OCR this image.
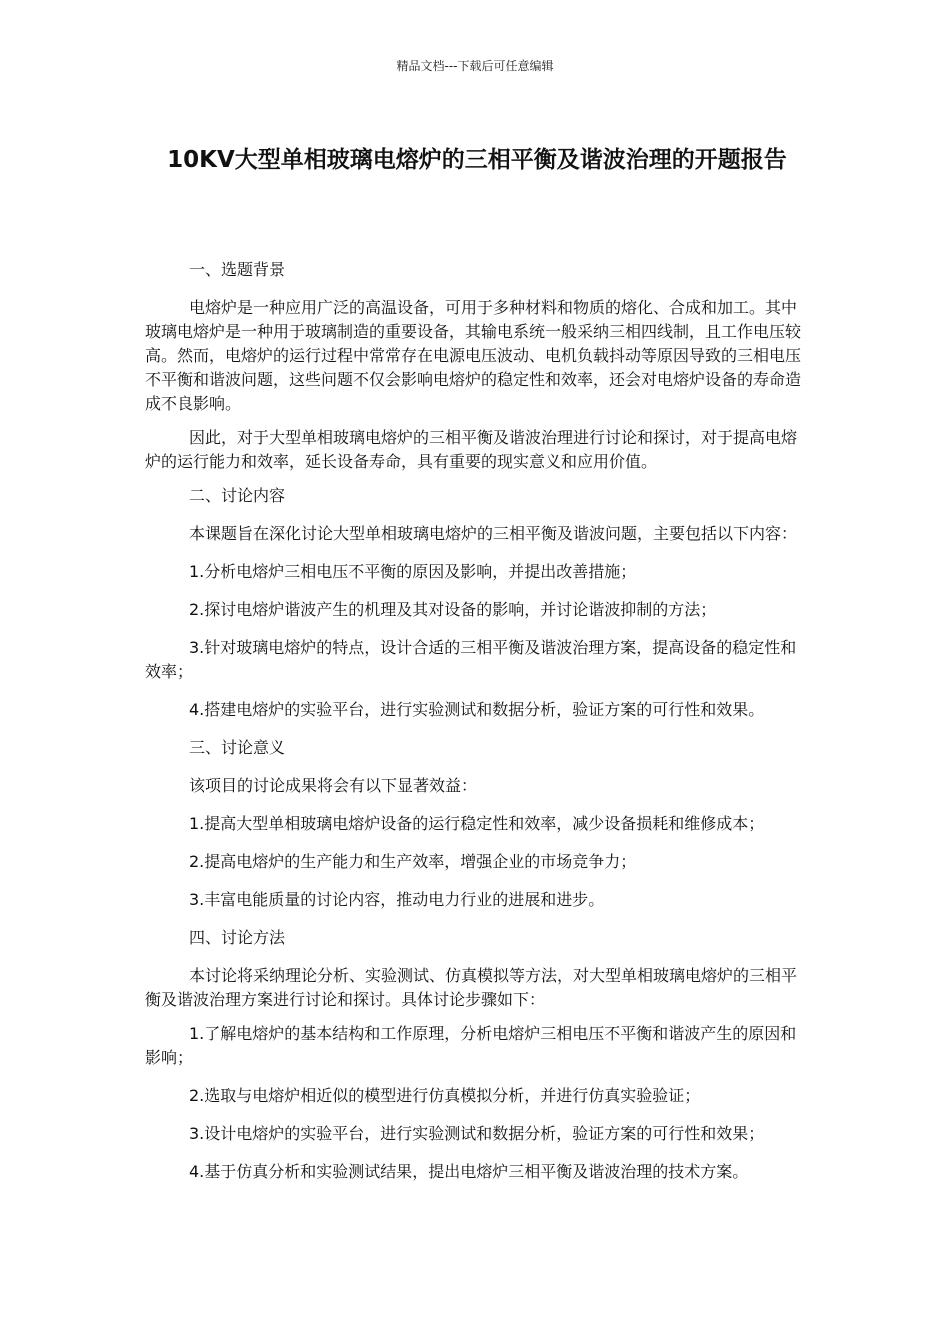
精品文档---下载后可任意编辑
10KV大型单相玻璃电熔炉的三相平衡及谐波治理的开题报告

一、选题背景

电熔炉是一种应用广泛的高温设备，可用于多种材料和物质的熔化、合成和加工。其中玻璃电熔炉是一种用于玻璃制造的重要设备，其输电系统一般采纳三相四线制，且工作电压较高。然而，电熔炉的运行过程中常常存在电源电压波动、电机负载抖动等原因导致的三相电压不平衡和谐波问题，这些问题不仅会影响电熔炉的稳定性和效率，还会对电熔炉设备的寿命造成不良影响。

因此，对于大型单相玻璃电熔炉的三相平衡及谐波治理进行讨论和探讨，对于提高电熔炉的运行能力和效率，延长设备寿命，具有重要的现实意义和应用价值。

二、讨论内容

本课题旨在深化讨论大型单相玻璃电熔炉的三相平衡及谐波问题，主要包括以下内容：

1.分析电熔炉三相电压不平衡的原因及影响，并提出改善措施；

2.探讨电熔炉谐波产生的机理及其对设备的影响，并讨论谐波抑制的方法；

3.针对玻璃电熔炉的特点，设计合适的三相平衡及谐波治理方案，提高设备的稳定性和效率；

4.搭建电熔炉的实验平台，进行实验测试和数据分析，验证方案的可行性和效果。

三、讨论意义

该项目的讨论成果将会有以下显著效益：

1.提高大型单相玻璃电熔炉设备的运行稳定性和效率，减少设备损耗和维修成本；

2.提高电熔炉的生产能力和生产效率，增强企业的市场竞争力；

3.丰富电能质量的讨论内容，推动电力行业的进展和进步。

四、讨论方法

本讨论将采纳理论分析、实验测试、仿真模拟等方法，对大型单相玻璃电熔炉的三相平衡及谐波治理方案进行讨论和探讨。具体讨论步骤如下：

1.了解电熔炉的基本结构和工作原理，分析电熔炉三相电压不平衡和谐波产生的原因和影响；

2.选取与电熔炉相近似的模型进行仿真模拟分析，并进行仿真实验验证；

3.设计电熔炉的实验平台，进行实验测试和数据分析，验证方案的可行性和效果；

4.基于仿真分析和实验测试结果，提出电熔炉三相平衡及谐波治理的技术方案。
